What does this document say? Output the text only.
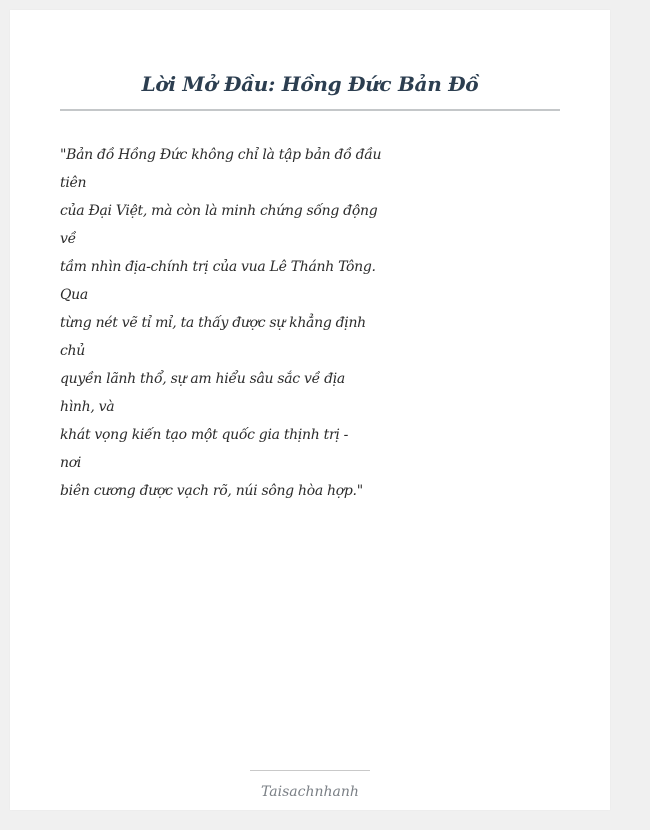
Lời Mở Đầu: Hồng Đức Bản Đồ
"Bản đồ Hồng Đức không chỉ là tập bản đồ đầu
tiên
của Đại Việt, mà còn là minh chứng sống động
về
tầm nhìn địa-chính trị của vua Lê Thánh Tông.
Qua
từng nét vẽ tỉ mỉ, ta thấy được sự khẳng định
chủ
quyền lãnh thổ, sự am hiểu sâu sắc về địa
hình, và
khát vọng kiến tạo một quốc gia thịnh trị -
nơi
biên cương được vạch rõ, núi sông hòa hợp."
Taisachnhanh
